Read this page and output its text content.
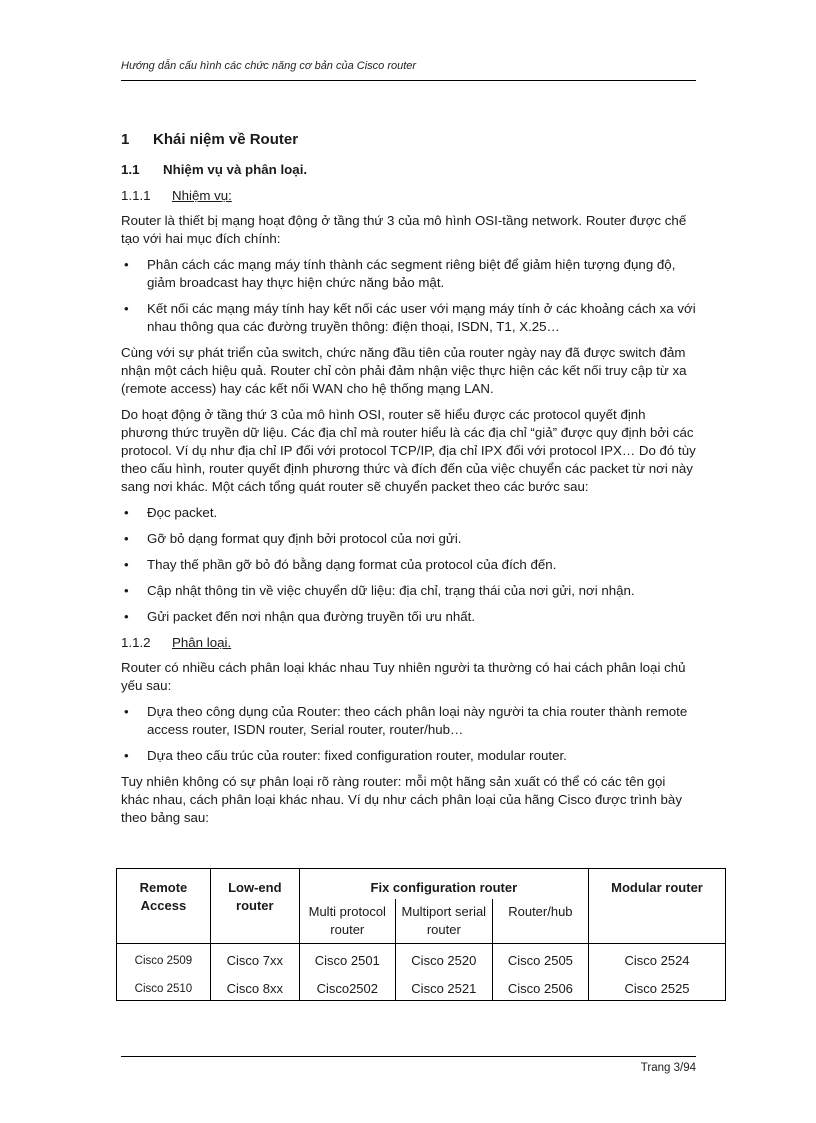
Hướng dẫn cấu hình các chức năng cơ bản của Cisco router
1	Khái niệm về Router
1.1	Nhiệm vụ và phân loại.
1.1.1	Nhiệm vụ:

Router là thiết bị mạng hoạt động ở tầng thứ 3 của mô hình OSI-tầng network. Router được chế tạo với hai mục đích chính:

• Phân cách các mạng máy tính thành các segment riêng biệt để giảm hiện tượng đụng độ, giảm broadcast hay thực hiện chức năng bảo mật.
• Kết nối các mạng máy tính hay kết nối các user với mạng máy tính ở các khoảng cách xa với nhau thông qua các đường truyền thông: điện thoại, ISDN, T1, X.25…

Cùng với sự phát triển của switch, chức năng đầu tiên của router ngày nay đã được switch đảm nhận một cách hiệu quả. Router chỉ còn phải đảm nhận việc thực hiện các kết nối truy cập từ xa (remote access) hay các kết nối WAN cho hệ thống mạng LAN.

Do hoạt động ở tầng thứ 3 của mô hình OSI, router sẽ hiểu được các protocol quyết định phương thức truyền dữ liệu. Các địa chỉ mà router hiểu là các địa chỉ “giả” được quy định bởi các protocol. Ví dụ như địa chỉ IP đối với protocol TCP/IP, địa chỉ IPX đối với protocol IPX… Do đó tùy theo cấu hình, router quyết định phương thức và đích đến của việc chuyển các packet từ nơi này sang nơi khác. Một cách tổng quát router sẽ chuyển packet theo các bước sau:

• Đọc packet.
• Gỡ bỏ dạng format quy định bởi protocol của nơi gửi.
• Thay thế phần gỡ bỏ đó bằng dạng format của protocol của đích đến.
• Cập nhật thông tin về việc chuyển dữ liệu: địa chỉ, trạng thái của nơi gửi, nơi nhận.
• Gửi packet đến nơi nhận qua đường truyền tối ưu nhất.
1.1.2	Phân loại.

Router có nhiều cách phân loại khác nhau Tuy nhiên người ta thường có hai cách phân loại chủ yếu sau:

• Dựa theo công dụng của Router: theo cách phân loại này người ta chia router thành remote access router, ISDN router, Serial router, router/hub…
• Dựa theo cấu trúc của router: fixed configuration router, modular router.

Tuy nhiên không có sự phân loại rõ ràng router: mỗi một hãng sản xuất có thể có các tên gọi khác nhau, cách phân loại khác nhau. Ví dụ như cách phân loại của hãng Cisco được trình bày theo bảng sau:

Remote Access	Low-end router	Fix configuration router			Modular router
		Multi protocol router	Multiport serial router	Router/hub	
Cisco 2509	Cisco 7xx	Cisco 2501	Cisco 2520	Cisco 2505	Cisco 2524
Cisco 2510	Cisco 8xx	Cisco2502	Cisco 2521	Cisco 2506	Cisco 2525
Trang 3/94
